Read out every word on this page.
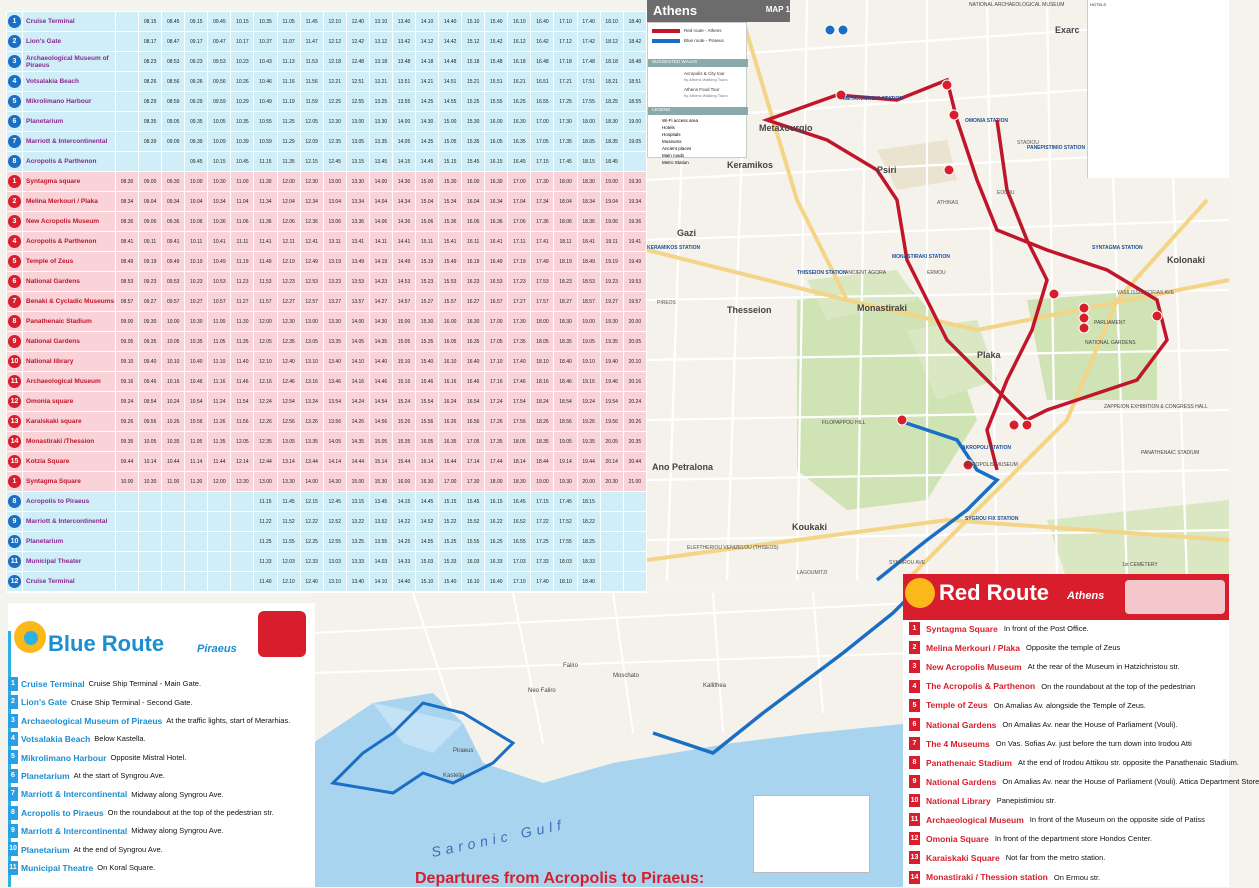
1	Cruise Terminal		08.15	08.45	09.15	09.45	10.15	10.35	11.05	11.45	12.10	12.40	13.10	13.40	14.10	14.40	15.10	15.40	16.10	16.40	17.10	17.40	18.10	18.40
2	Lion's Gate		08.17	08.47	09.17	09.47	10.17	10.37	11.07	11.47	12.12	12.42	13.12	13.42	14.12	14.42	15.12	15.42	16.12	16.42	17.12	17.42	18.12	18.42
3	Archaeological Museum of Piraeus		08.23	08.53	09.23	09.53	10.23	10.43	11.13	11.53	12.18	12.48	13.18	13.48	14.18	14.48	15.18	15.48	16.18	16.48	17.18	17.48	18.18	18.48
4	Votsalakia Beach		08.26	08.56	09.26	09.56	10.26	10.46	11.16	11.56	12.21	12.51	13.21	13.51	14.21	14.51	15.21	15.51	16.21	16.51	17.21	17.51	18.21	18.51
5	Mikrolimano Harbour		08.29	08.59	09.29	09.59	10.29	10.49	11.19	11.59	12.25	12.55	13.25	13.55	14.25	14.55	15.25	15.55	16.25	16.55	17.25	17.55	18.25	18.55
6	Planetarium		08.35	09.05	09.35	10.05	10.35	10.55	11.25	12.05	12.30	13.00	13.30	14.00	14.30	15.00	15.30	16.00	16.30	17.00	17.30	18.00	18.30	19.00
7	Marriott & Intercontinental		08.39	09.09	09.39	10.09	10.39	10.59	11.29	12.09	12.35	13.05	13.35	14.05	14.35	15.05	15.35	16.05	16.35	17.05	17.35	18.05	18.35	19.05
8	Acropolis & Parthenon				09.45	10.15	10.45	11.15	11.35	12.15	12.45	13.15	13.45	14.15	14.45	15.15	15.45	16.15	16.45	17.15	17.45	18.15	18.45	
1	Syntagma square	08.30	09.00	09.30	10.00	10.30	11.00	11.30	12.00	12.30	13.00	13.30	14.00	14.30	15.00	15.30	16.00	16.30	17.00	17.30	18.00	18.30	19.00	19.30
2	Melina Merkouri / Plaka	08.34	09.04	09.34	10.04	10.34	11.04	11.34	12.04	12.34	13.04	13.34	14.04	14.34	15.04	15.34	16.04	16.34	17.04	17.34	18.04	18.34	19.04	19.34
3	New Acropolis Museum	08.36	09.06	09.36	10.06	10.36	11.06	11.36	12.06	12.36	13.06	13.36	14.06	14.36	15.06	15.36	16.06	16.36	17.06	17.36	18.06	18.36	19.06	19.36
4	Acropolis & Parthenon	08.41	09.11	09.41	10.11	10.41	11.11	11.41	12.11	12.41	13.11	13.41	14.11	14.41	15.11	15.41	16.11	16.41	17.11	17.41	18.11	18.41	19.11	19.41
5	Temple of Zeus	08.49	09.19	09.49	10.19	10.49	11.19	11.49	12.19	12.49	13.19	13.49	14.19	14.49	15.19	15.49	16.19	16.49	17.19	17.49	18.19	18.49	19.19	19.49
6	National Gardens	08.53	09.23	09.53	10.23	10.53	11.23	11.53	12.23	12.53	13.23	13.53	14.23	14.53	15.23	15.53	16.23	16.53	17.23	17.53	18.23	18.53	19.23	19.53
7	Benaki & Cycladic Museums	08.57	09.27	09.57	10.27	10.57	11.27	11.57	12.27	12.57	13.27	13.57	14.27	14.57	15.27	15.57	16.27	16.57	17.27	17.57	18.27	18.57	19.27	19.57
8	Panathenaic Stadium	09.00	09.30	10.00	10.30	11.00	11.30	12.00	12.30	13.00	13.30	14.00	14.30	15.00	15.30	16.00	16.30	17.00	17.30	18.00	18.30	19.00	19.30	20.00
9	National Gardens	09.05	09.35	10.05	10.35	11.05	11.35	12.05	12.35	13.05	13.35	14.05	14.35	15.05	15.35	16.05	16.35	17.05	17.35	18.05	18.35	19.05	19.35	20.05
10	National library	09.10	09.40	10.10	10.40	11.10	11.40	12.10	12.40	13.10	13.40	14.10	14.40	15.10	15.40	16.10	16.40	17.10	17.40	18.10	18.40	19.10	19.40	20.10
11	Archaeological Museum	09.16	09.46	10.16	10.46	11.16	11.46	12.16	12.46	13.16	13.46	14.16	14.46	15.16	15.46	16.16	16.46	17.16	17.46	18.16	18.46	19.16	19.46	20.16
12	Omonia square	09.24	09.54	10.24	10.54	11.24	11.54	12.24	12.54	13.24	13.54	14.24	14.54	15.24	15.54	16.24	16.54	17.24	17.54	18.24	18.54	19.24	19.54	20.24
13	Karaiskaki square	09.26	09.56	10.26	10.56	11.26	11.56	12.26	12.56	13.26	13.56	14.26	14.56	15.26	15.56	16.26	16.56	17.26	17.56	18.26	18.56	19.26	19.56	20.26
14	Monastiraki /Thession	09.35	10.05	10.35	11.05	11.35	12.05	12.35	13.05	13.35	14.05	14.35	15.05	15.35	16.05	16.35	17.05	17.35	18.05	18.35	19.05	19.35	20.05	20.35
15	Kotzia Square	09.44	10.14	10.44	11.14	11.44	12.14	12.44	13.14	13.44	14.14	14.44	15.14	15.44	16.14	16.44	17.14	17.44	18.14	18.44	19.14	19.44	20.14	20.44
1	Syntagma Square	10.00	10.30	11.00	11.30	12.00	12.30	13.00	13.30	14.00	14.30	15.00	15.30	16.00	16.30	17.00	17.30	18.00	18.30	19.00	19.30	20.00	20.30	21.00
8	Acropolis to Piraeus							11.15	11.45	12.15	12.45	13.15	13.45	14.15	14.45	15.15	15.45	16.15	16.45	17.15	17.45	18.15		
9	Marriott & Intercontinental							11.22	11.52	12.22	12.52	13.22	13.52	14.22	14.52	15.22	15.52	16.22	16.52	17.22	17.52	18.22		
10	Planetarium							11.25	11.55	12.25	12.55	13.25	13.55	14.25	14.55	15.25	15.55	16.25	16.55	17.25	17.55	18.25		
11	Municipal Theater							11.33	12.03	12.33	13.03	13.33	14.03	14.33	15.03	15.33	16.03	16.33	17.03	17.33	18.03	18.33		
12	Cruise Terminal							11.40	12.10	12.40	13.10	13.40	14.10	14.40	15.10	15.40	16.10	16.40	17.10	17.40	18.10	18.40		
Athens	MAP 1
Red route - Athens
Blue route - Piraeus
SUGGESTED WALKS
Acropolis & City tour
by Athens Walking Tours
Athens Food Tour
by Athens Walking Tours
LEGEND
Wi-Fi access area
Hotels
Hospitals
Museums
Ancient places
Main roads
Metro Station
HOTELS
Metaxourgio
Keramikos
Gazi
Psiri
Exarc
Thesseion	Monastiraki
Plaka
Kolonaki
Ano Petralona
Koukaki
METAXOURGIO STATION
OMONIA STATION
PANEPISTIMIO STATION
KERAMIKOS STATION
THISSEION STATION
MONASTIRAKI STATION
SYNTAGMA STATION
AKROPOLI STATION
SYGROU FIX STATION
NATIONAL ARCHAEOLOGICAL MUSEUM
PARLIAMENT
NATIONAL GARDENS
ZAPPEION EXHIBITION & CONGRESS HALL
PANATHENAIC STADIUM
ANCIENT AGORA
ACROPOLIS MUSEUM
FILOPAPPOU HILL
1st CEMETERY
VASILISSIS SOFIAS AVE
SYNGROU AVE
PIREOS
ERMOU
ATHINAS
EOLOU
STADIOU
LAGOUMITZI
ELEFTHERIOU VENIZELOU (THISEOS)
Piraeus
Kallithea
Moschato
Neo Faliro
Faliro
Kastella
Saronic Gulf
Blue Route	Piraeus
1 Cruise Terminal Cruise Ship Terminal - Main Gate.
2 Lion's Gate Cruise Ship Terminal - Second Gate.
3 Archaeological Museum of Piraeus At the traffic lights, start of Merarhias.
4 Votsalakia Beach Below Kastella.
5 Mikrolimano Harbour Opposite Mistral Hotel.
6 Planetarium At the start of Syngrou Ave.
7 Marriott & Intercontinental Midway along Syngrou Ave.
8 Acropolis to Piraeus On the roundabout at the top of the pedestrian str.
9 Marriott & Intercontinental Midway along Syngrou Ave.
10 Planetarium At the end of Syngrou Ave.
11 Municipal Theatre On Koral Square.
Red Route Athens
1 Syntagma Square In front of the Post Office.
2 Melina Merkouri / Plaka Opposite the temple of Zeus
3 New Acropolis Museum At the rear of the Museum in Hatzichristou str.
4 The Acropolis & Parthenon On the roundabout at the top of the pedestrian
5 Temple of Zeus On Amalias Av. alongside the Temple of Zeus.
6 National Gardens On Amalias Av. near the House of Parliament (Vouli).
7 The 4 Museums On Vas. Sofias Av. just before the turn down into Irodou Atti
8 Panathenaic Stadium At the end of Irodou Attikou str. opposite the Panathenaic Stadium.
9 National Gardens On Amalias Av. near the House of Parliament (Vouli). Attica Department Store
10 National Library Panepistimiou str.
11 Archaeological Museum In front of the Museum on the opposite side of Patiss
12 Omonia Square In front of the department store Hondos Center.
13 Karaiskaki Square Not far from the metro station.
14 Monastiraki / Thession station On Ermou str.
Departures from Acropolis to Piraeus:
